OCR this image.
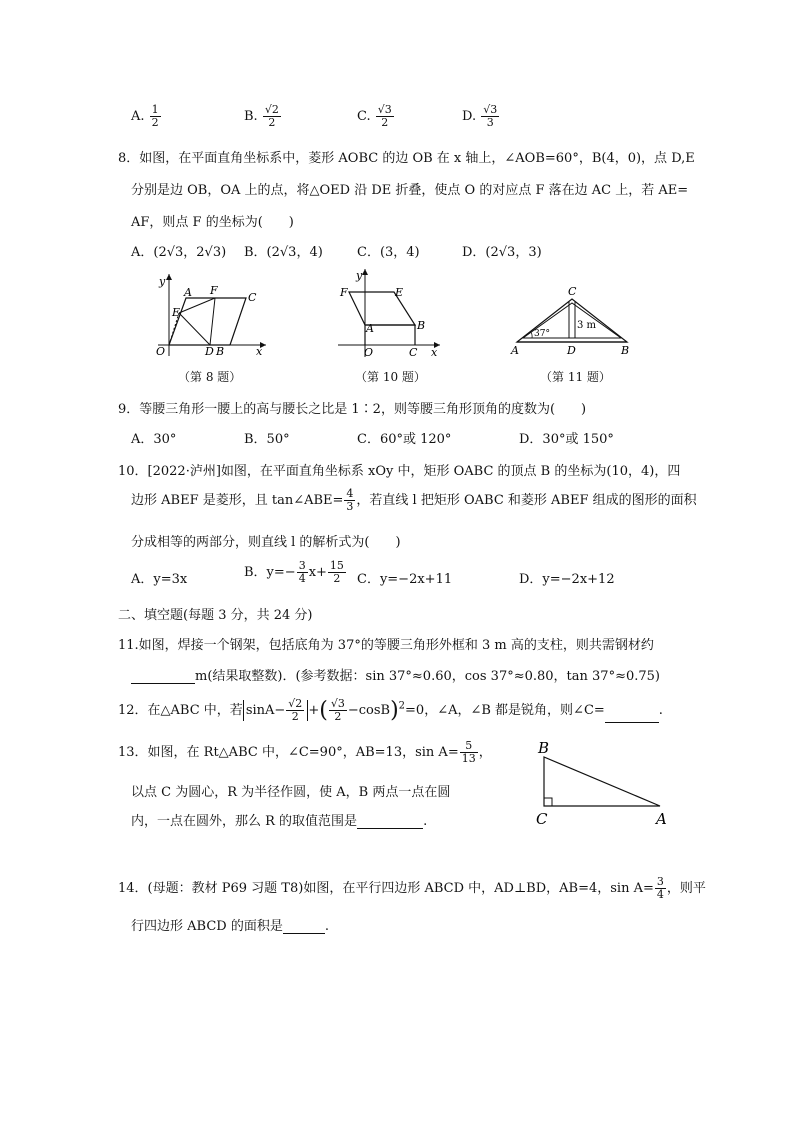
A. $\frac{1}{2}$	B. $\frac{√2}{2}$	C. $\frac{√3}{2}$	D. $\frac{√3}{3}$
8．如图，在平面直角坐标系中，菱形 AOBC 的边 OB 在 x 轴上，∠AOB=60°，B(4，0)，点 D,E
分别是边 OB，OA 上的点，将△OED 沿 DE 折叠，使点 O 的对应点 F 落在边 AC 上，若 AE=
AF，则点 F 的坐标为(　　)
A．(2√3，2√3) B．(2√3，4)	C．(3，4)	D．(2√3，3)
y
A F
C
E
O	D B	x
（第 8 题）
y
F	E
A	B
O	C x
（第 10 题）
C
3 m
37°
A	D	B
（第 11 题）
9．等腰三角形一腰上的高与腰长之比是 1∶2，则等腰三角形顶角的度数为(　　)
A．30°	B．50°	C．60°或 120°	D．30°或 150°
10．[2022·泸州]如图，在平面直角坐标系 xOy 中，矩形 OABC 的顶点 B 的坐标为(10，4)，四
边形 ABEF 是菱形，且 tan∠ABE= $\frac{4}{3}$ ，若直线 l 把矩形 OABC 和菱形 ABEF 组成的图形的面积
分成相等的两部分，则直线 l 的解析式为(　　)
A．y=3x	B．$y=- \frac{3}{4} x+ \frac{15}{2}$ C．y=−2x+11	D．y=−2x+12
二、填空题(每题 3 分，共 24 分)
11.如图，焊接一个钢架，包括底角为 37°的等腰三角形外框和 3 m 高的支柱，则共需钢材约
m(结果取整数)．(参考数据：sin 37°≈0.60，cos 37°≈0.80，tan 37°≈0.75)
12．在△ABC 中，若 $\sin A- \frac{√2}{2}$ +( $\frac{√3}{2} -\cos B)^2=0$，∠A，∠B 都是锐角，则∠C=	.
13．如图，在 Rt△ABC 中，∠C=90°，AB=13，$\sin A= \frac{5}{13}$ ，
以点 C 为圆心，R 为半径作圆，使 A，B 两点一点在圆
内，一点在圆外，那么 R 的取值范围是	.
B
C	A
14．(母题：教材 P69 习题 T8)如图，在平行四边形 ABCD 中，AD⊥BD，AB=4，$\sin A= \frac{3}{4}$ ，则平
行四边形 ABCD 的面积是	.
